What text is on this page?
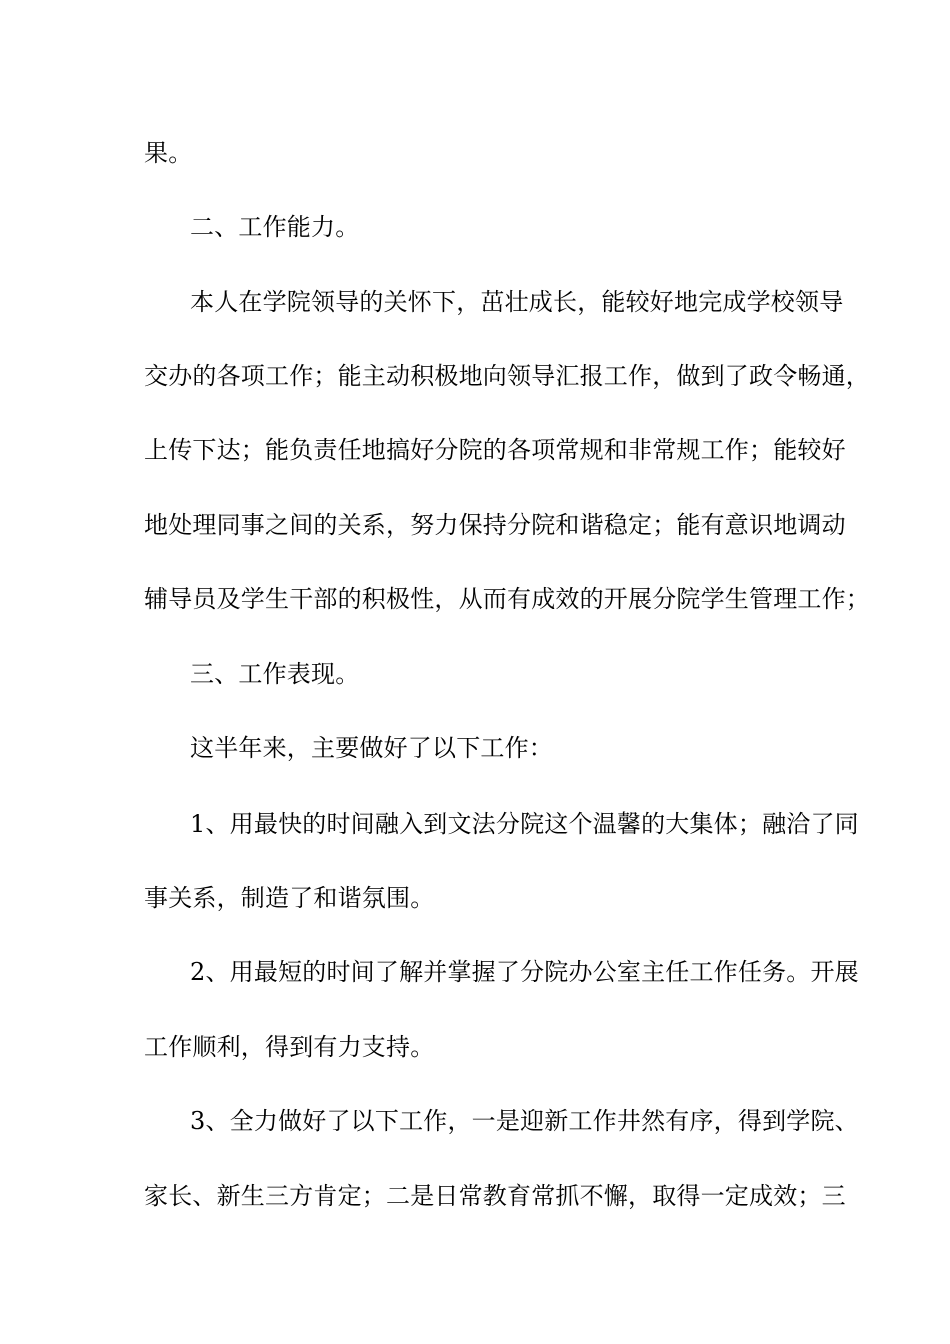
果。
二、工作能力。
本人在学院领导的关怀下，茁壮成长，能较好地完成学校领导
交办的各项工作；能主动积极地向领导汇报工作，做到了政令畅通，
上传下达；能负责任地搞好分院的各项常规和非常规工作；能较好
地处理同事之间的关系，努力保持分院和谐稳定；能有意识地调动
辅导员及学生干部的积极性，从而有成效的开展分院学生管理工作；
三、工作表现。
这半年来，主要做好了以下工作：
1、用最快的时间融入到文法分院这个温馨的大集体；融洽了同
事关系，制造了和谐氛围。
2、用最短的时间了解并掌握了分院办公室主任工作任务。开展
工作顺利，得到有力支持。
3、全力做好了以下工作，一是迎新工作井然有序，得到学院、
家长、新生三方肯定；二是日常教育常抓不懈，取得一定成效；三
